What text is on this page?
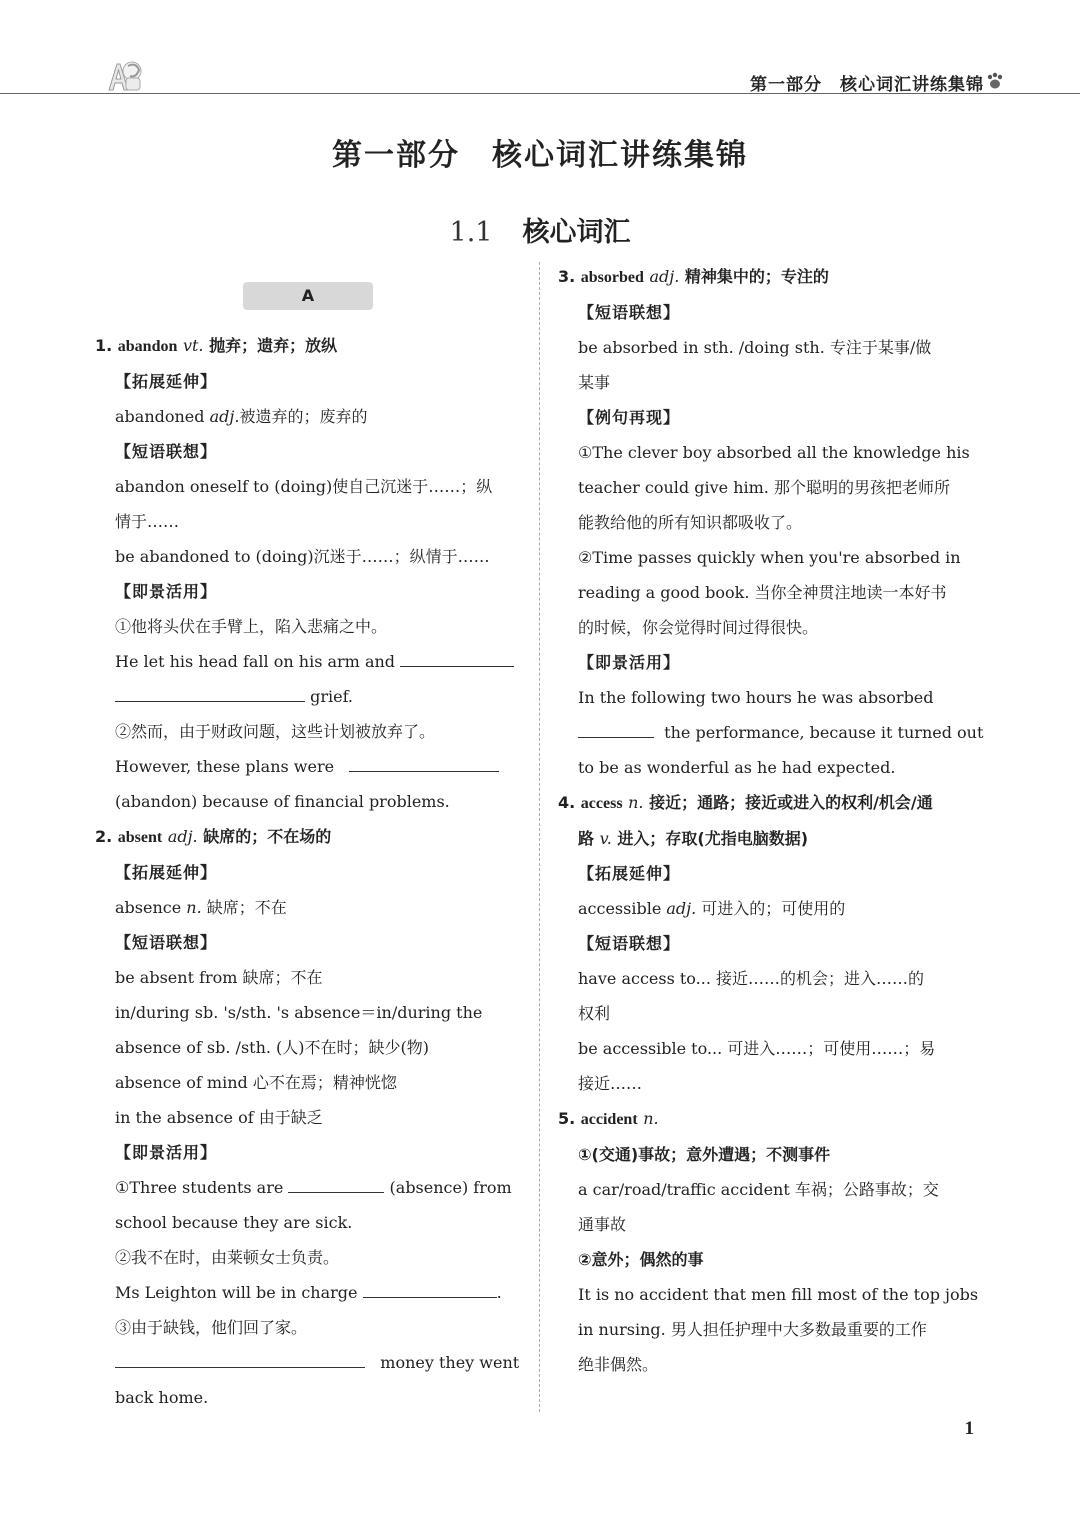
第一部分　核心词汇讲练集锦
第一部分 核心词汇讲练集锦
1.1 核心词汇
A
1. abandon vt. 抛弃；遗弃；放纵
【拓展延伸】
abandoned adj.被遗弃的；废弃的
【短语联想】
abandon oneself to (doing)使自己沉迷于……；纵
情于……
be abandoned to (doing)沉迷于……；纵情于……
【即景活用】
①他将头伏在手臂上，陷入悲痛之中。
He let his head fall on his arm and
grief.
②然而，由于财政问题，这些计划被放弃了。
However, these plans were
(abandon) because of financial problems.
2. absent adj. 缺席的；不在场的
【拓展延伸】
absence n. 缺席；不在
【短语联想】
be absent from 缺席；不在
in/during sb. 's/sth. 's absence＝in/during the
absence of sb. /sth. (人)不在时；缺少(物)
absence of mind 心不在焉；精神恍惚
in the absence of 由于缺乏
【即景活用】
①Three students are	(absence) from
school because they are sick.
②我不在时，由莱顿女士负责。
Ms Leighton will be in charge	.
③由于缺钱，他们回了家。
money they went
back home.
3. absorbed adj. 精神集中的；专注的
【短语联想】
be absorbed in sth. /doing sth. 专注于某事/做
某事
【例句再现】
①The clever boy absorbed all the knowledge his
teacher could give him. 那个聪明的男孩把老师所
能教给他的所有知识都吸收了。
②Time passes quickly when you're absorbed in
reading a good book. 当你全神贯注地读一本好书
的时候，你会觉得时间过得很快。
【即景活用】
In the following two hours he was absorbed
the performance, because it turned out
to be as wonderful as he had expected.
4. access n. 接近；通路；接近或进入的权利/机会/通
路 v. 进入；存取(尤指电脑数据)
【拓展延伸】
accessible adj. 可进入的；可使用的
【短语联想】
have access to... 接近……的机会；进入……的
权利
be accessible to... 可进入……；可使用……；易
接近……
5. accident n.
①(交通)事故；意外遭遇；不测事件
a car/road/traffic accident 车祸；公路事故；交
通事故
②意外；偶然的事
It is no accident that men fill most of the top jobs
in nursing. 男人担任护理中大多数最重要的工作
绝非偶然。
1
